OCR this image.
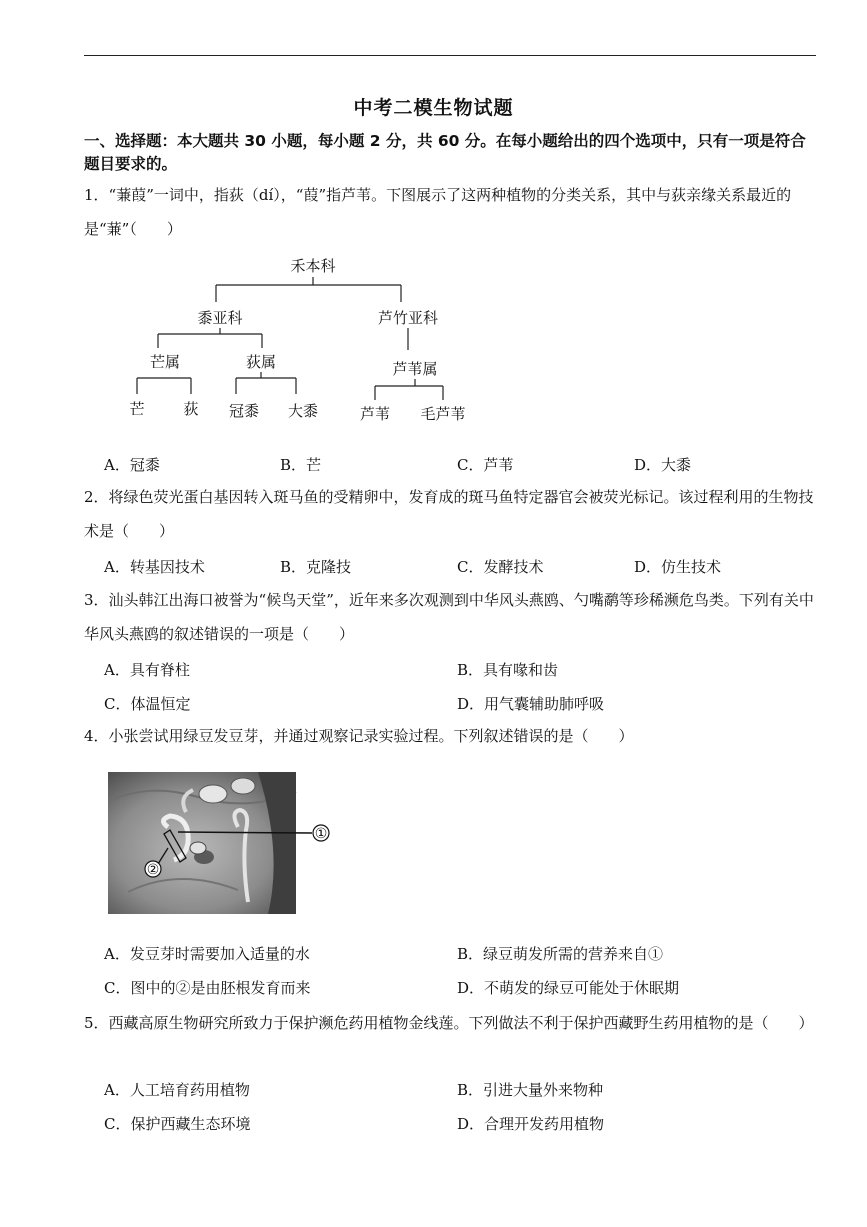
中考二模生物试题
一、选择题：本大题共 30 小题，每小题 2 分，共 60 分。在每小题给出的四个选项中，只有一项是符合题目要求的。
1．“蒹葭”一词中，指荻（dí），“葭”指芦苇。下图展示了这两种植物的分类关系，其中与荻亲缘关系最近的是“蒹”（　　）
禾本科
黍亚科	芦竹亚科
芒属	荻属	芦苇属
芒	荻 冠黍 大黍	芦苇 毛芦苇
A．冠黍	B．芒	C．芦苇	D．大黍
2．将绿色荧光蛋白基因转入斑马鱼的受精卵中，发育成的斑马鱼特定器官会被荧光标记。该过程利用的生物技术是（　　）
A．转基因技术	B．克隆技	C．发酵技术	D．仿生技术
3．汕头韩江出海口被誉为“候鸟天堂”，近年来多次观测到中华风头燕鸥、勺嘴鹬等珍稀濒危鸟类。下列有关中华风头燕鸥的叙述错误的一项是（　　）
A．具有脊柱	B．具有喙和齿
C．体温恒定	D．用气囊辅助肺呼吸
4．小张尝试用绿豆发豆芽，并通过观察记录实验过程。下列叙述错误的是（　　）
①
②
A．发豆芽时需要加入适量的水	B．绿豆萌发所需的营养来自①
C．图中的②是由胚根发育而来	D．不萌发的绿豆可能处于休眠期
5．西藏高原生物研究所致力于保护濒危药用植物金线莲。下列做法不利于保护西藏野生药用植物的是（　　）
A．人工培育药用植物	B．引进大量外来物种
C．保护西藏生态环境	D．合理开发药用植物
